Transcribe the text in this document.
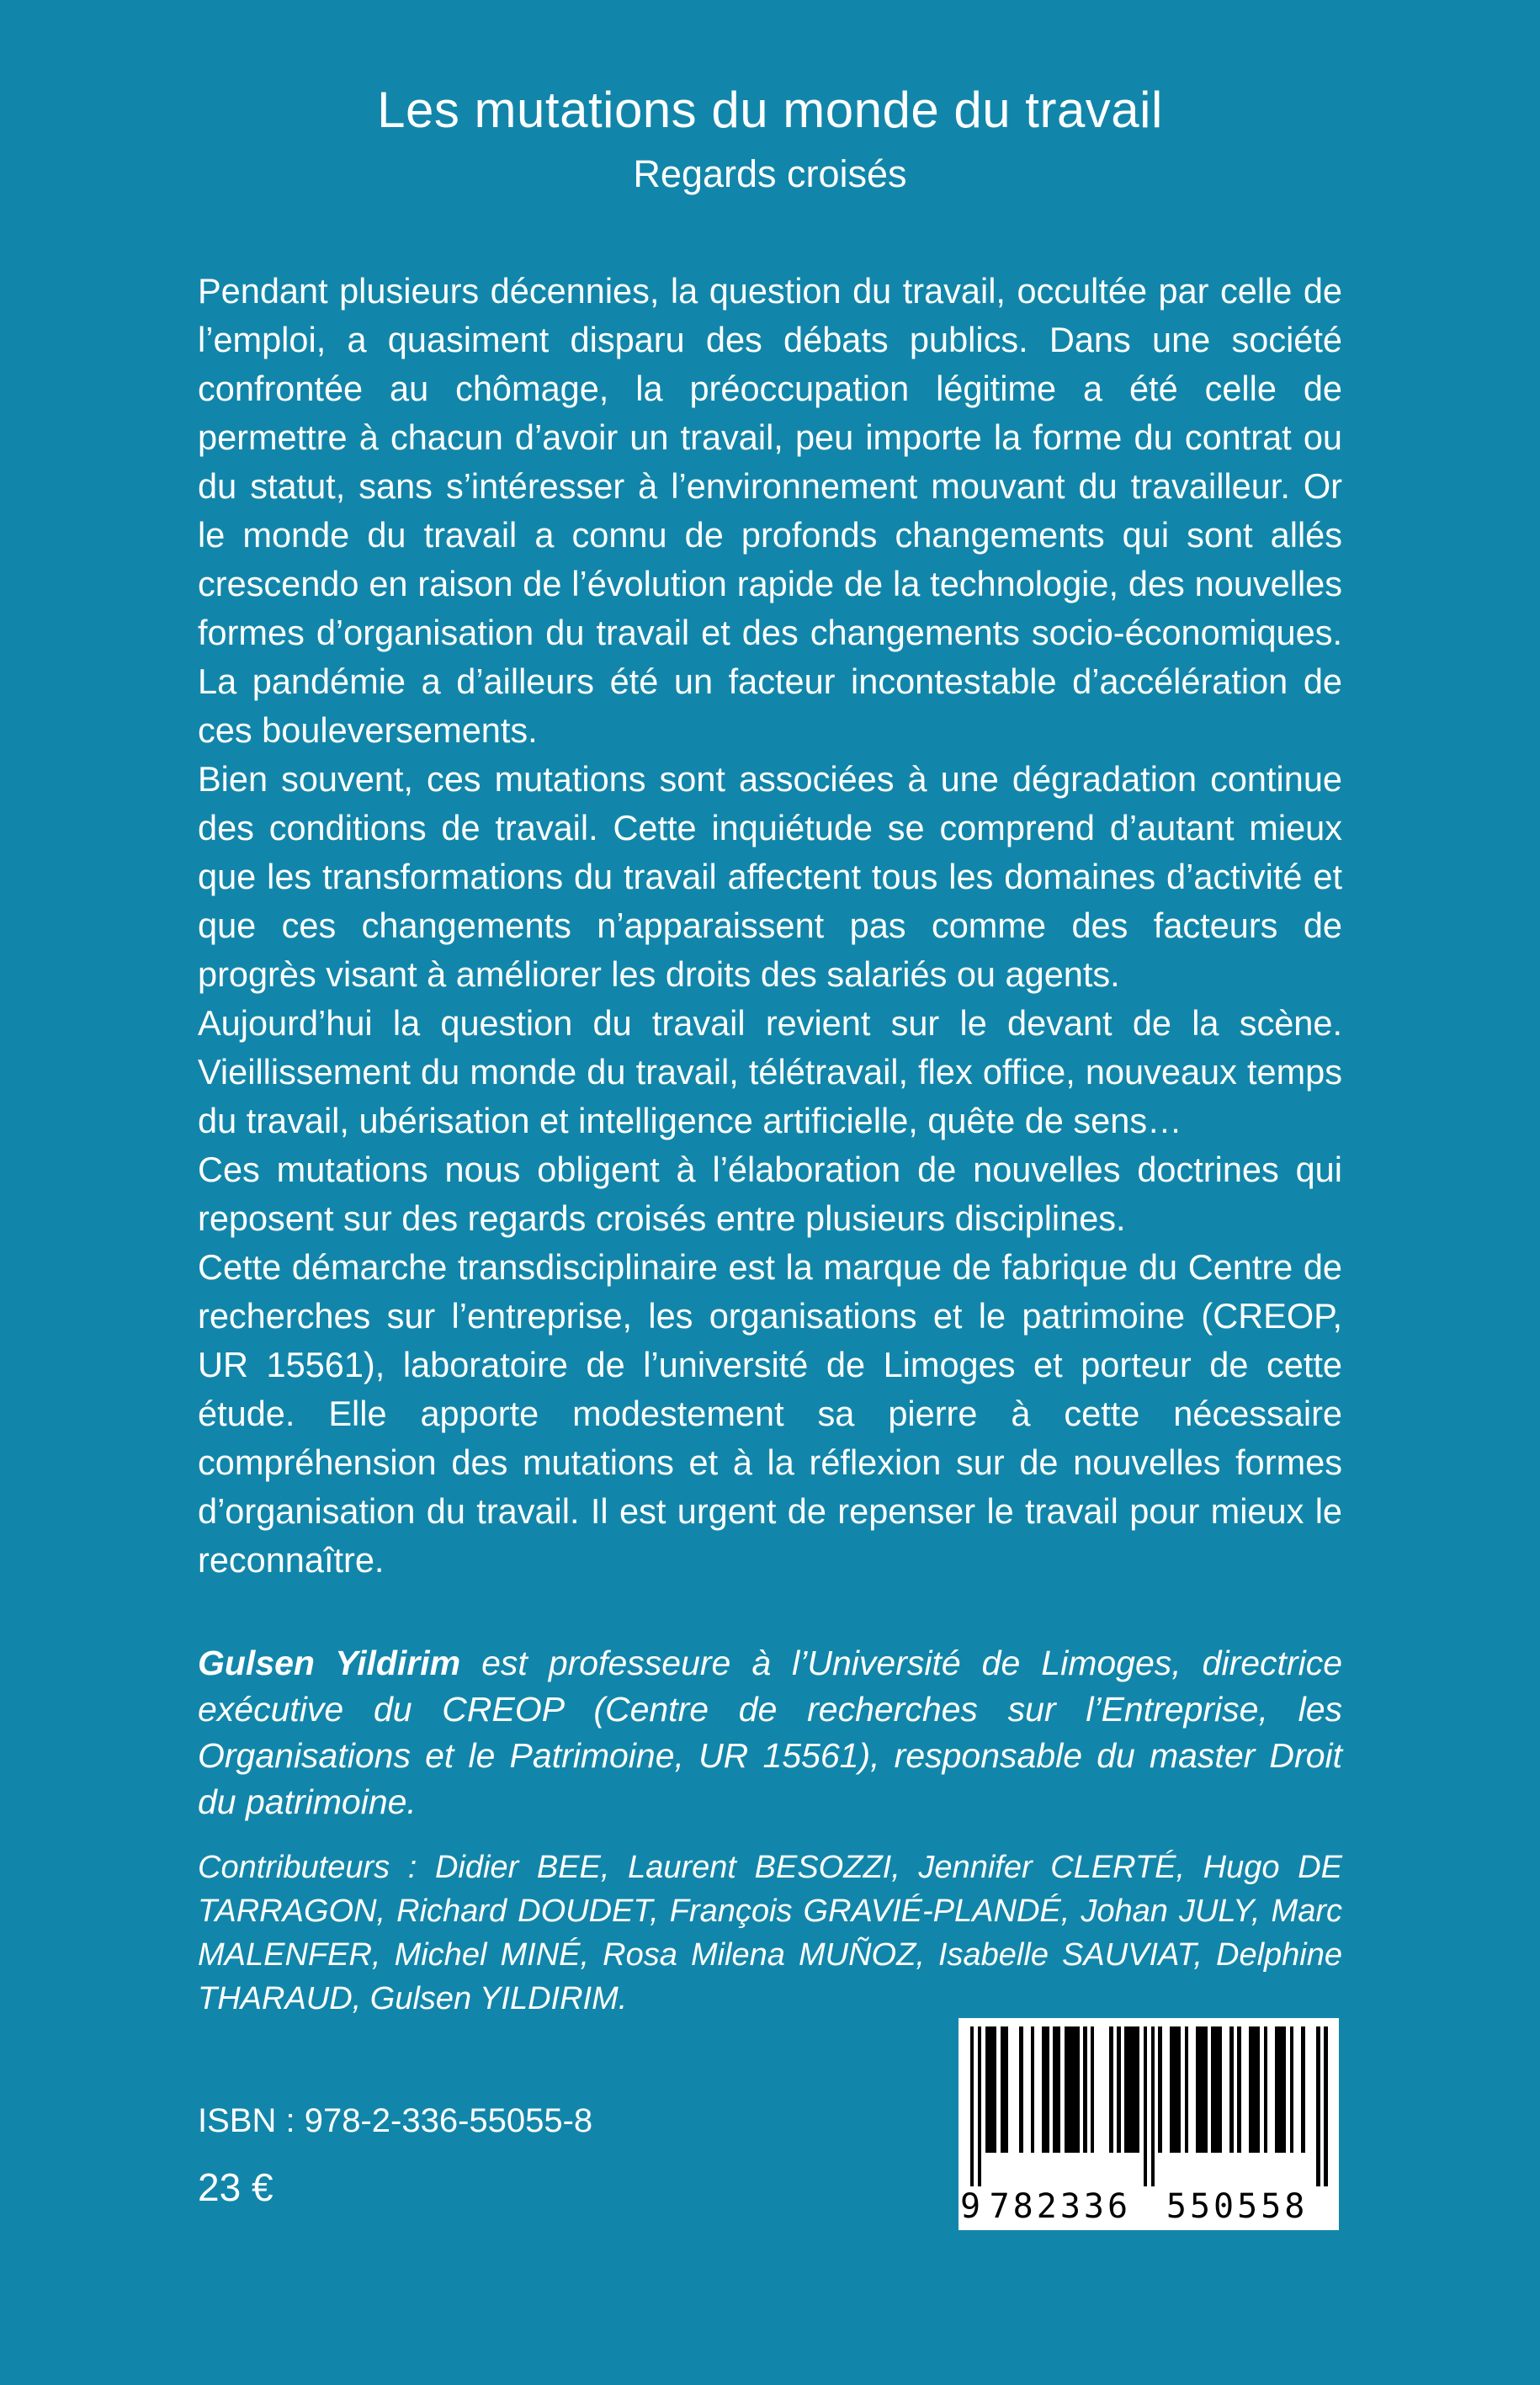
Les mutations du monde du travail
Regards croisés

Pendant plusieurs décennies, la question du travail, occultée par celle de l’emploi, a quasiment disparu des débats publics. Dans une société confrontée au chômage, la préoccupation légitime a été celle de permettre à chacun d’avoir un travail, peu importe la forme du contrat ou du statut, sans s’intéresser à l’environnement mouvant du travailleur. Or le monde du travail a connu de profonds changements qui sont allés crescendo en raison de l’évolution rapide de la technologie, des nouvelles formes d’organisation du travail et des changements socio-économiques. La pandémie a d’ailleurs été un facteur incontestable d’accélération de ces bouleversements.

Bien souvent, ces mutations sont associées à une dégradation continue des conditions de travail. Cette inquiétude se comprend d’autant mieux que les transformations du travail affectent tous les domaines d’activité et que ces changements n’apparaissent pas comme des facteurs de progrès visant à améliorer les droits des salariés ou agents.

Aujourd’hui la question du travail revient sur le devant de la scène. Vieillissement du monde du travail, télétravail, flex office, nouveaux temps du travail, ubérisation et intelligence artificielle, quête de sens…

Ces mutations nous obligent à l’élaboration de nouvelles doctrines qui reposent sur des regards croisés entre plusieurs disciplines.

Cette démarche transdisciplinaire est la marque de fabrique du Centre de recherches sur l’entreprise, les organisations et le patrimoine (CREOP, UR 15561), laboratoire de l’université de Limoges et porteur de cette étude. Elle apporte modestement sa pierre à cette nécessaire compréhension des mutations et à la réflexion sur de nouvelles formes d’organisation du travail. Il est urgent de repenser le travail pour mieux le reconnaître.

Gulsen Yildirim est professeure à l’Université de Limoges, directrice exécutive du CREOP (Centre de recherches sur l’Entreprise, les Organisations et le Patrimoine, UR 15561), responsable du master Droit du patrimoine.

Contributeurs : Didier BEE, Laurent BESOZZI, Jennifer CLERTÉ, Hugo DE TARRAGON, Richard DOUDET, François GRAVIÉ-PLANDÉ, Johan JULY, Marc MALENFER, Michel MINÉ, Rosa Milena MUÑOZ, Isabelle SAUVIAT, Delphine THARAUD, Gulsen YILDIRIM.

ISBN : 978-2-336-55055-8
23 €	9 782336 550558
